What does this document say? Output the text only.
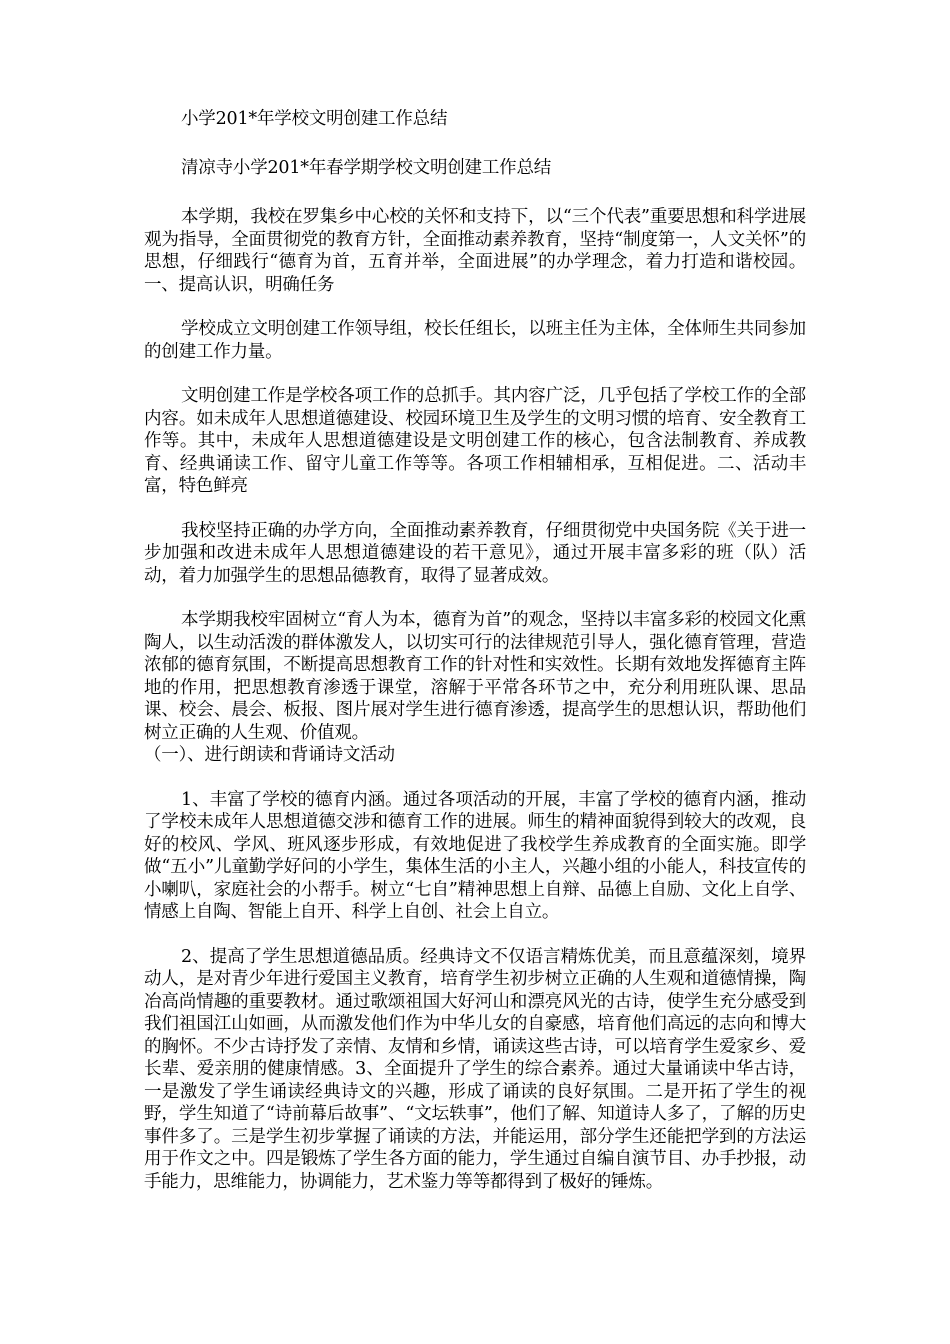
小学201*年学校文明创建工作总结

清凉寺小学201*年春学期学校文明创建工作总结

本学期，我校在罗集乡中心校的关怀和支持下，以“三个代表”重要思想和科学进展观为指导，全面贯彻党的教育方针，全面推动素养教育，坚持“制度第一，人文关怀”的思想，仔细践行“德育为首，五育并举，全面进展”的办学理念，着力打造和谐校园。一、提高认识，明确任务

学校成立文明创建工作领导组，校长任组长，以班主任为主体，全体师生共同参加的创建工作力量。

文明创建工作是学校各项工作的总抓手。其内容广泛，几乎包括了学校工作的全部内容。如未成年人思想道德建设、校园环境卫生及学生的文明习惯的培育、安全教育工作等。其中，未成年人思想道德建设是文明创建工作的核心，包含法制教育、养成教育、经典诵读工作、留守儿童工作等等。各项工作相辅相承，互相促进。二、活动丰富，特色鲜亮

我校坚持正确的办学方向，全面推动素养教育，仔细贯彻党中央国务院《关于进一步加强和改进未成年人思想道德建设的若干意见》，通过开展丰富多彩的班（队）活动，着力加强学生的思想品德教育，取得了显著成效。

本学期我校牢固树立“育人为本，德育为首”的观念，坚持以丰富多彩的校园文化熏陶人，以生动活泼的群体激发人，以切实可行的法律规范引导人，强化德育管理，营造浓郁的德育氛围，不断提高思想教育工作的针对性和实效性。长期有效地发挥德育主阵地的作用，把思想教育渗透于课堂，溶解于平常各环节之中，充分利用班队课、思品课、校会、晨会、板报、图片展对学生进行德育渗透，提高学生的思想认识，帮助他们树立正确的人生观、价值观。

（一）、进行朗读和背诵诗文活动

1、丰富了学校的德育内涵。通过各项活动的开展，丰富了学校的德育内涵，推动了学校未成年人思想道德交涉和德育工作的进展。师生的精神面貌得到较大的改观，良好的校风、学风、班风逐步形成，有效地促进了我校学生养成教育的全面实施。即学做“五小”儿童勤学好问的小学生，集体生活的小主人，兴趣小组的小能人，科技宣传的小喇叭，家庭社会的小帮手。树立“七自”精神思想上自辩、品德上自励、文化上自学、情感上自陶、智能上自开、科学上自创、社会上自立。

2、提高了学生思想道德品质。经典诗文不仅语言精炼优美，而且意蕴深刻，境界动人，是对青少年进行爱国主义教育，培育学生初步树立正确的人生观和道德情操，陶冶高尚情趣的重要教材。通过歌颂祖国大好河山和漂亮风光的古诗，使学生充分感受到我们祖国江山如画，从而激发他们作为中华儿女的自豪感，培育他们高远的志向和博大的胸怀。不少古诗抒发了亲情、友情和乡情，诵读这些古诗，可以培育学生爱家乡、爱长辈、爱亲朋的健康情感。3、全面提升了学生的综合素养。通过大量诵读中华古诗，一是激发了学生诵读经典诗文的兴趣，形成了诵读的良好氛围。二是开拓了学生的视野，学生知道了“诗前幕后故事”、“文坛轶事”，他们了解、知道诗人多了，了解的历史事件多了。三是学生初步掌握了诵读的方法，并能运用，部分学生还能把学到的方法运用于作文之中。四是锻炼了学生各方面的能力，学生通过自编自演节目、办手抄报，动手能力，思维能力，协调能力，艺术鉴力等等都得到了极好的锤炼。
